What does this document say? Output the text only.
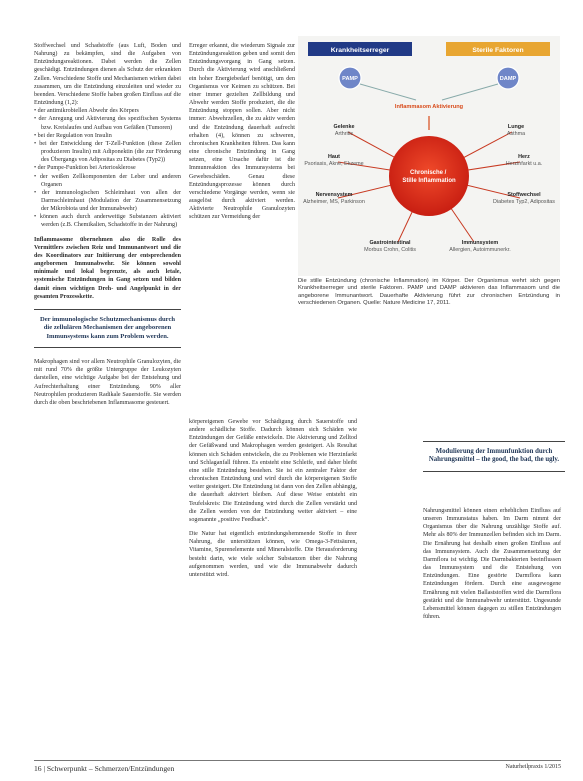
Stoffwechsel und Schadstoffe (aus Luft, Boden und Nahrung) zu bekämpfen, sind die Aufgaben von Entzündungsreaktionen. Dabei werden die Zellen geschädigt. Entzündungen dienen als Schutz der erkrankten Zellen. Verschiedene Stoffe und Mechanismen wirken dabei zusammen, um die Entzündung einzuleiten und wieder zu beenden. Verschiedene Stoffe haben großen Einfluss auf die Entzündung (1,2):

• der antimikrobiellen Abwehr des Körpers

• der Anregung und Aktivierung des spezifischen Systems bzw. Kreislaufes und Aufbau von Gefäßen (Tumoren)

• bei der Regulation von Insulin

• bei der Entwicklung der T-Zell-Funktion (diese Zellen produzieren Insulin) mit Adiponektin (die zur Förderung des Übergangs von Adipositas zu Diabetes (Typ2))

• der Pumpe-Funktion bei Arteriosklerose

• der weißen Zellkomponenten der Leber und anderen Organen

• der immunologischen Schleimhaut von allen der Darmschleimhaut (Modulation der Zusammensetzung der Mikrobiota und der Immunabwehr)

• können auch durch anderweitige Substanzen aktiviert werden (z.B. Chemikalien, Schadstoffe in der Nahrung)

Inflammasome übernehmen also die Rolle des Vermittlers zwischen Reiz und Immunantwort und die des Koordinators zur Initiierung der entsprechenden angeborenen Immunabwehr. Sie können sowohl minimale und lokal begrenzte, als auch letale, systemische Entzündungen in Gang setzen und bilden damit einen wichtigen Dreh- und Angelpunkt in der gesamten Prozesskette.

Der immunologische Schutzmechanismus durch die zellulären Mechanismen der angeborenen Immunsystems kann zum Problem werden.

Makrophagen sind vor allem Neutrophile Granulozyten, die mit rund 70% die größte Untergruppe der Leukozyten darstellen, eine wichtige Aufgabe bei der Entstehung und Aufrechterhaltung einer Entzündung. 90% aller Neutrophilen produzieren Radikale Sauerstoffe. Sie werden durch die oben beschriebenen Inflammasome gesteuert.

Erreger erkannt, die wiederum Signale zur Entzündungsreaktion geben und somit den Entzündungsvorgang in Gang setzen. Durch die Aktivierung wird anschließend ein hoher Energiebedarf benötigt, um den Organismus vor Keimen zu schützen. Bei einer immer gezielten Zellbildung und Abwehr werden Stoffe produziert, die die Entzündung stoppen sollen. Aber nicht immer: Abwehrzellen, die zu aktiv werden und die Entzündung dauerhaft aufrecht erhalten (4), können zu schweren, chronischen Krankheiten führen. Das kann eine chronische Entzündung in Gang setzen, eine Ursache dafür ist die Immunreaktion des Immunsystems bei Gewebeschäden. Genau diese Entzündungsprozesse können durch verschiedene Vorgänge werden, wenn sie ausgelöst durch aktiviert werden. Aktivierte Neutrophile Granulozyten schützen zur Vermeidung der

körpereigenen Gewebe vor Schädigung durch Sauerstoffe und andere schädliche Stoffe. Dadurch können sich Schäden wie Entzündungen der Gefäße entwickeln. Die Aktivierung und Zelltod der Gefäßwand und Makrophagen werden gesteigert. Als Resultat können sich Schäden entwickeln, die zu Problemen wie Herzinfarkt und Schlaganfall führen. Es entsteht eine Schleife, und daher bleibt eine stille Entzündung bestehen. Sie ist ein zentraler Faktor der chronischen Entzündung und wird durch die körpereigenen Stoffe weiter gesteigert. Die Entzündung ist dann von den Zellen abhängig, die dauerhaft aktiviert bleiben. Auf diese Weise entsteht ein Teufelskreis: Die Entzündung wird durch die Zellen verstärkt und die Zellen werden von der Entzündung weiter aktiviert – eine sogenannte „positive Feedback“.

Die Natur hat eigentlich entzündungshemmende Stoffe in ihrer Nahrung, die unterstützen können, wie Omega-3-Fettsäuren, Vitamine, Spurenelemente und Mineralstoffe. Die Herausforderung besteht darin, wie viele solcher Substanzen über die Nahrung aufgenommen werden, und wie die Immunabwehr dadurch unterstützt wird.

Krankheitserreger	Sterile Faktoren
PAMP	DAMP
Inflammasom Aktivierung
Chronische / Stille Inflammation
Gelenke
Arthritis
Lunge
Asthma
Haut
Psoriasis, Akne, Ekzeme
Herz
Herzinfarkt u.a.
Nervensystem
Alzheimer, MS, Parkinson
Stoffwechsel
Diabetes Typ2, Adipositas
Gastrointestinal
Morbus Crohn, Colitis
Immunsystem
Allergien, Autoimmunerkr.
Die stille Entzündung (chronische Inflammation) im Körper. Der Organismus wehrt sich gegen Krankheitserreger und sterile Faktoren. PAMP und DAMP aktivieren das Inflammasom und die angeborene Immunantwort. Dauerhafte Aktivierung führt zur chronischen Entzündung in verschiedenen Organen. Quelle: Nature Medicine 17, 2011.
Modulierung der Immunfunktion durch Nahrungsmittel – the good, the bad, the ugly.

Nahrungsmittel können einen erheblichen Einfluss auf unseren Immunstatus haben. Im Darm nimmt der Organismus über die Nahrung unzählige Stoffe auf. Mehr als 80% der Immunzellen befinden sich im Darm. Die Ernährung hat deshalb einen großen Einfluss auf das Immunsystem. Auch die Zusammensetzung der Darmflora ist wichtig. Die Darmbakterien beeinflussen das Immunsystem und die Entstehung von Entzündungen. Eine gestörte Darmflora kann Entzündungen fördern. Durch eine ausgewogene Ernährung mit vielen Ballaststoffen wird die Darmflora gestärkt und die Immunabwehr unterstützt. Ungesunde Lebensmittel können dagegen zu stillen Entzündungen führen.

16 | Schwerpunkt – Schmerzen/Entzündungen	Naturheilpraxis 1/2015
